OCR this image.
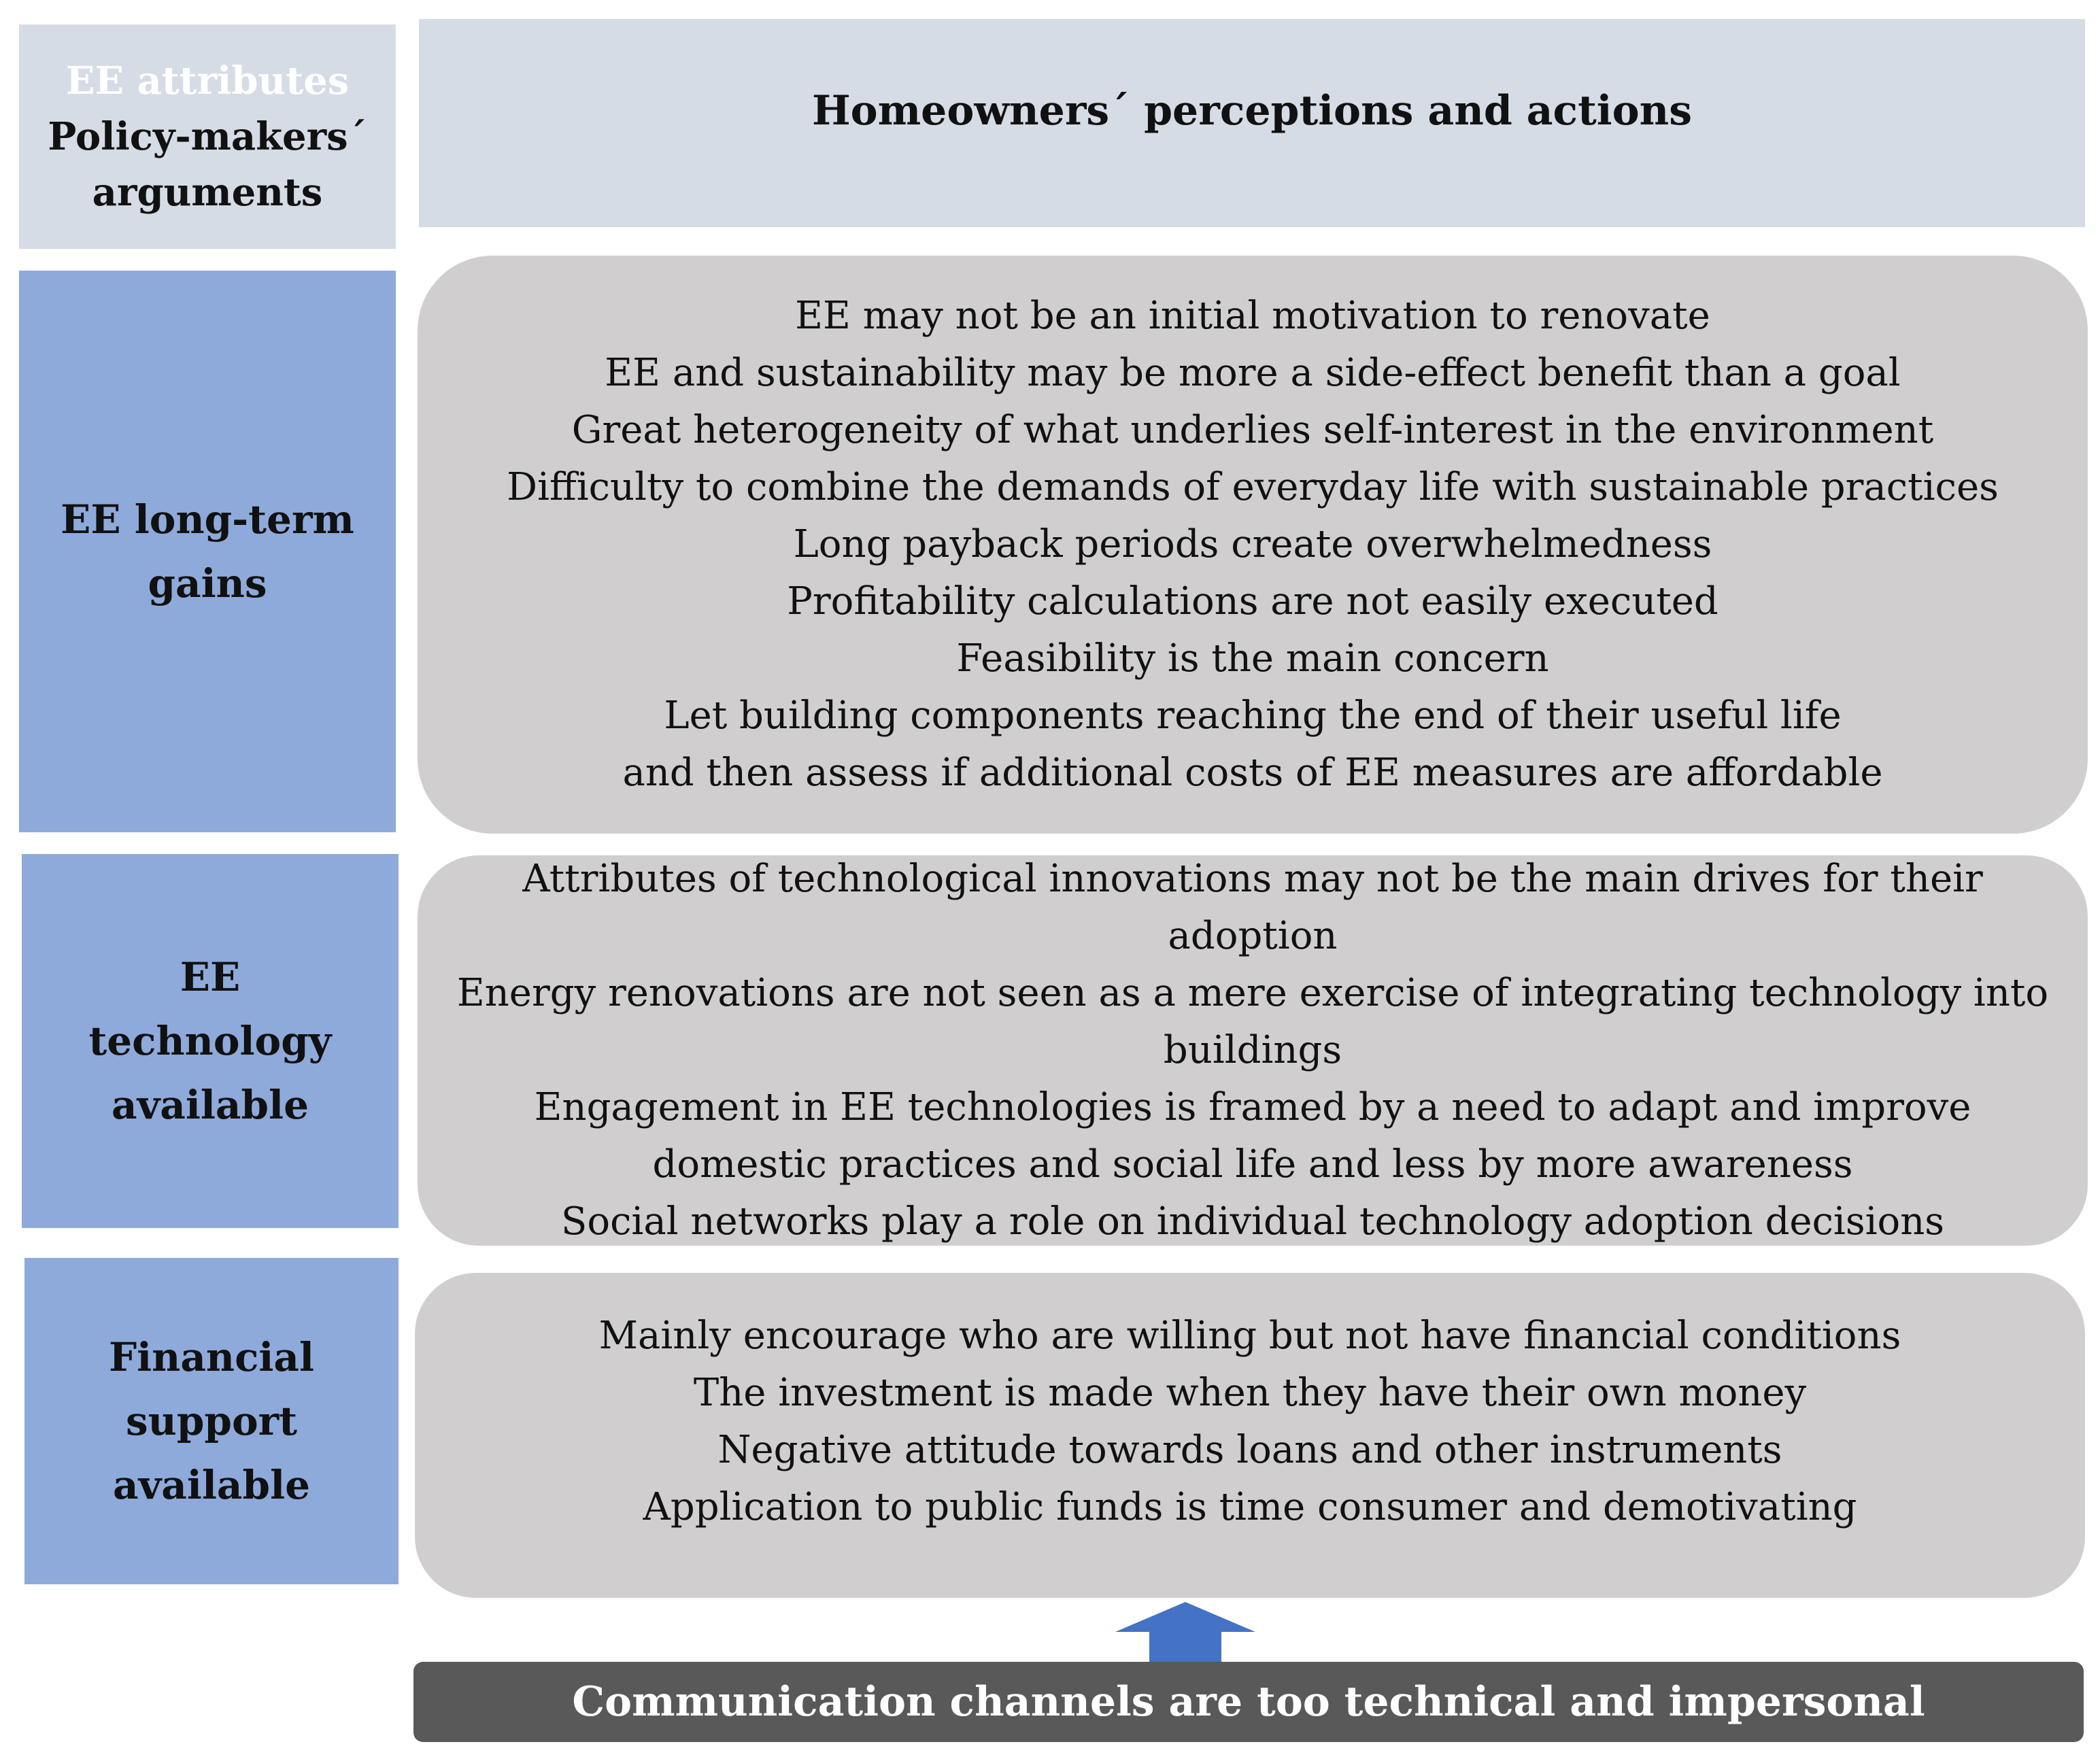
EE attributes
Policy-makers´
arguments
Homeowners´ perceptions and actions
EE long-term
gains
EE may not be an initial motivation to renovate
EE and sustainability may be more a side-effect benefit than a goal
Great heterogeneity of what underlies self-interest in the environment
Difficulty to combine the demands of everyday life with sustainable practices
Long payback periods create overwhelmedness
Profitability calculations are not easily executed
Feasibility is the main concern
Let building components reaching the end of their useful life
and then assess if additional costs of EE measures are affordable
EE
technology
available
Attributes of technological innovations may not be the main drives for their adoption
Energy renovations are not seen as a mere exercise of integrating technology into buildings
Engagement in EE technologies is framed by a need to adapt and improve domestic practices and social life and less by more awareness
Social networks play a role on individual technology adoption decisions
Financial
support
available
Mainly encourage who are willing but not have financial conditions
The investment is made when they have their own money
Negative attitude towards loans and other instruments
Application to public funds is time consumer and demotivating
Communication channels are too technical and impersonal
